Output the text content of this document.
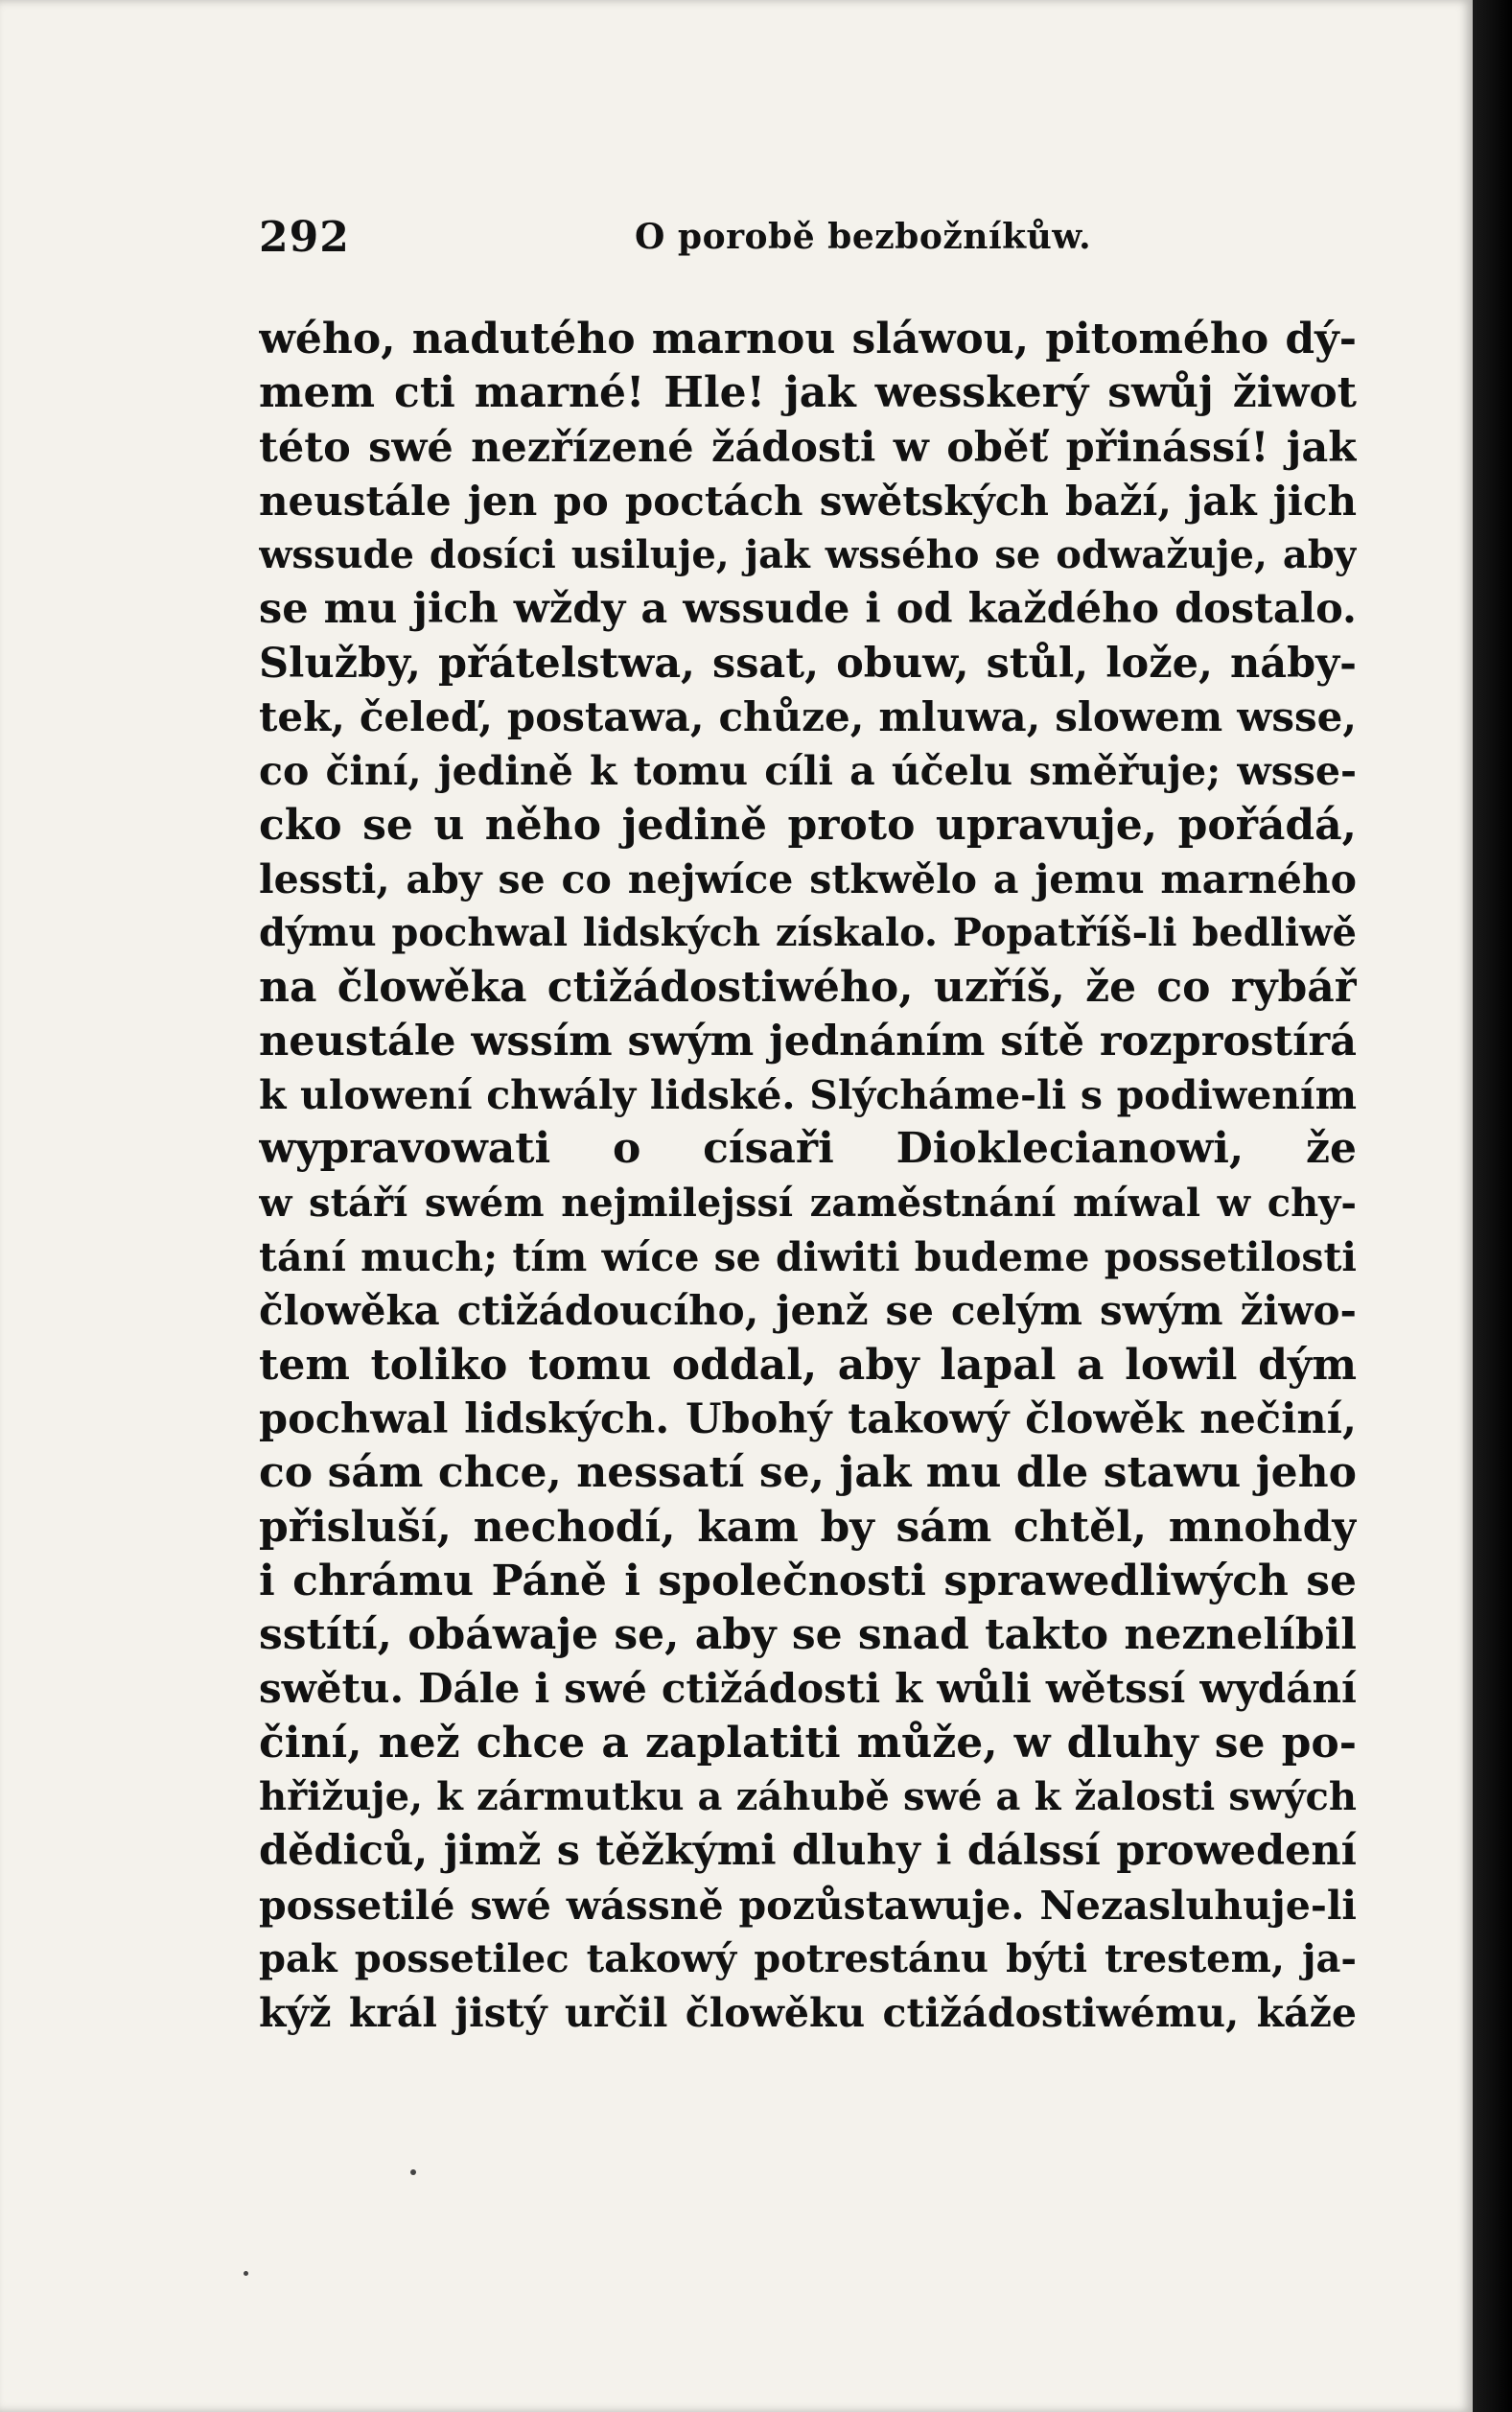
292	O porobě bezbožníkůw.
wého, nadutého marnou sláwou, pitomého dý-
mem cti marné! Hle! jak wesskerý swůj žiwot
této swé nezřízené žádosti w oběť přinássí! jak
neustále jen po poctách swětských baží, jak jich
wssude dosíci usiluje, jak wssého se odwažuje, aby
se mu jich wždy a wssude i od každého dostalo.
Služby, přátelstwa, ssat, obuw, stůl, lože, náby-
tek, čeleď, postawa, chůze, mluwa, slowem wsse,
co činí, jedině k tomu cíli a účelu směřuje; wsse-
cko se u něho jedině proto upravuje, pořádá,
lessti, aby se co nejwíce stkwělo a jemu marného
dýmu pochwal lidských získalo. Popatříš-li bedliwě
na člowěka ctižádostiwého, uzříš, že co rybář
neustále wssím swým jednáním sítě rozprostírá
k ulowení chwály lidské. Slýcháme-li s podiwením
wypravowati o císaři Dioklecianowi, že
w stáří swém nejmilejssí zaměstnání míwal w chy-
tání much; tím wíce se diwiti budeme possetilosti
člowěka ctižádoucího, jenž se celým swým žiwo-
tem toliko tomu oddal, aby lapal a lowil dým
pochwal lidských. Ubohý takowý člowěk nečiní,
co sám chce, nessatí se, jak mu dle stawu jeho
přisluší, nechodí, kam by sám chtěl, mnohdy
i chrámu Páně i společnosti sprawedliwých se
sstítí, obáwaje se, aby se snad takto neznelíbil
swětu. Dále i swé ctižádosti k wůli wětssí wydání
činí, než chce a zaplatiti může, w dluhy se po-
hřižuje, k zármutku a záhubě swé a k žalosti swých
dědiců, jimž s těžkými dluhy i dálssí prowedení
possetilé swé wássně pozůstawuje. Nezasluhuje-li
pak possetilec takowý potrestánu býti trestem, ja-
kýž král jistý určil člowěku ctižádostiwému, káže
